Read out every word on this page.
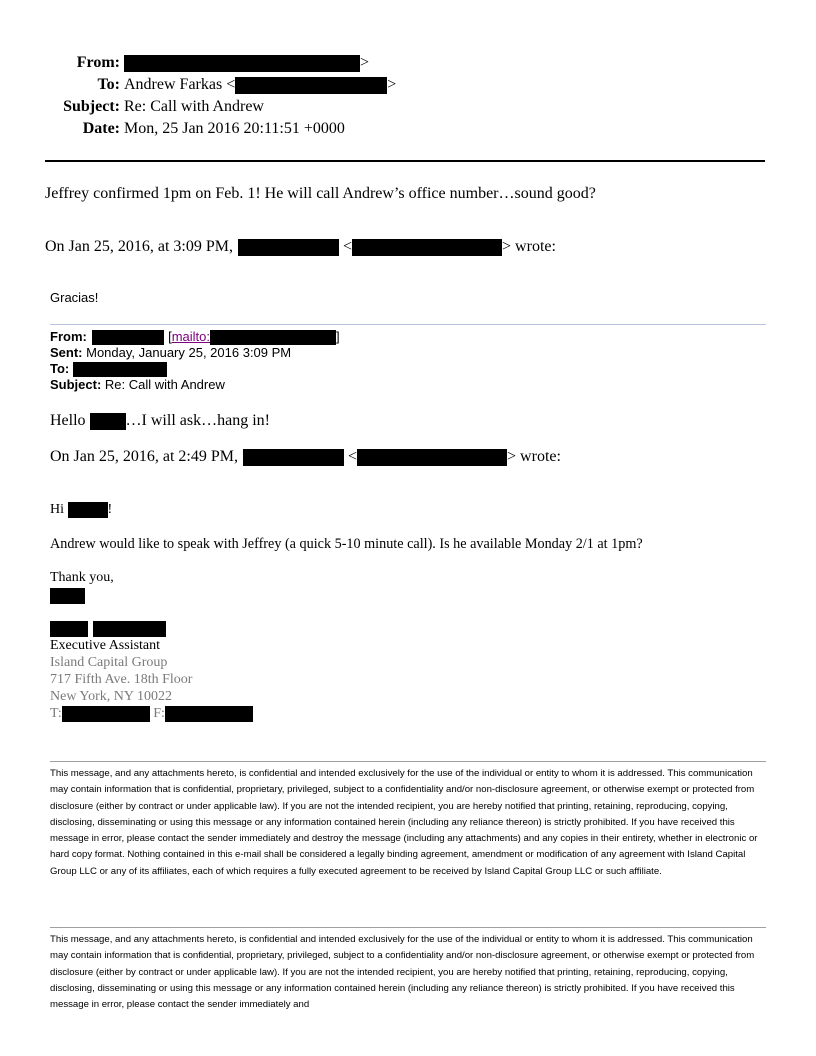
From:	>
To: Andrew Farkas <	>
Subject: Re: Call with Andrew
Date: Mon, 25 Jan 2016 20:11:51 +0000
Jeffrey confirmed 1pm on Feb. 1! He will call Andrew’s office number…sound good?
On Jan 25, 2016, at 3:09 PM,	<	> wrote:
Gracias!
From:	[mailto:	]
Sent: Monday, January 25, 2016 3:09 PM
To:
Subject: Re: Call with Andrew
Hello	…I will ask…hang in!
On Jan 25, 2016, at 2:49 PM,	<	> wrote:
Hi	!
Andrew would like to speak with Jeffrey (a quick 5-10 minute call). Is he available Monday 2/1 at 1pm?
Thank you,

Executive Assistant
Island Capital Group
717 Fifth Ave. 18th Floor
New York, NY 10022
T:	F:
This message, and any attachments hereto, is confidential and intended exclusively for the use of the individual or entity to whom it is addressed. This communication may contain information that is confidential, proprietary, privileged, subject to a confidentiality and/or non-disclosure agreement, or otherwise exempt or protected from disclosure (either by contract or under applicable law). If you are not the intended recipient, you are hereby notified that printing, retaining, reproducing, copying, disclosing, disseminating or using this message or any information contained herein (including any reliance thereon) is strictly prohibited. If you have received this message in error, please contact the sender immediately and destroy the message (including any attachments) and any copies in their entirety, whether in electronic or hard copy format. Nothing contained in this e-mail shall be considered a legally binding agreement, amendment or modification of any agreement with Island Capital Group LLC or any of its affiliates, each of which requires a fully executed agreement to be received by Island Capital Group LLC or such affiliate.
This message, and any attachments hereto, is confidential and intended exclusively for the use of the individual or entity to whom it is addressed. This communication may contain information that is confidential, proprietary, privileged, subject to a confidentiality and/or non-disclosure agreement, or otherwise exempt or protected from disclosure (either by contract or under applicable law). If you are not the intended recipient, you are hereby notified that printing, retaining, reproducing, copying, disclosing, disseminating or using this message or any information contained herein (including any reliance thereon) is strictly prohibited. If you have received this message in error, please contact the sender immediately and
